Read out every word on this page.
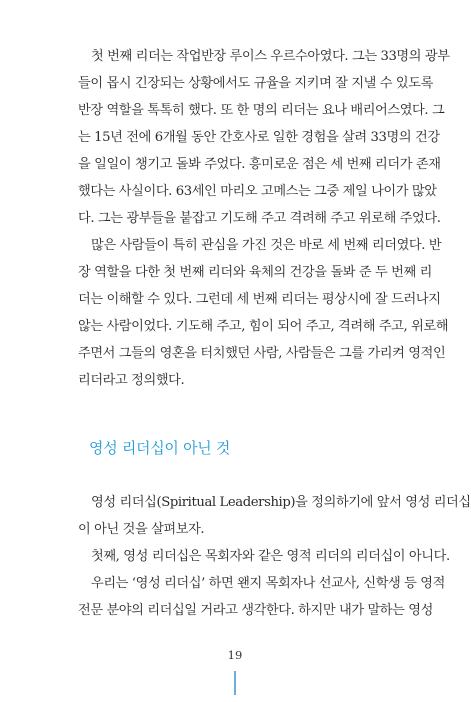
첫 번째 리더는 작업반장 루이스 우르수아였다. 그는 33명의 광부
들이 몹시 긴장되는 상황에서도 규율을 지키며 잘 지낼 수 있도록
반장 역할을 톡톡히 했다. 또 한 명의 리더는 요나 배리어스였다. 그
는 15년 전에 6개월 동안 간호사로 일한 경험을 살려 33명의 건강
을 일일이 챙기고 돌봐 주었다. 흥미로운 점은 세 번째 리더가 존재
했다는 사실이다. 63세인 마리오 고메스는 그중 제일 나이가 많았
다. 그는 광부들을 붙잡고 기도해 주고 격려해 주고 위로해 주었다.
많은 사람들이 특히 관심을 가진 것은 바로 세 번째 리더였다. 반
장 역할을 다한 첫 번째 리더와 육체의 건강을 돌봐 준 두 번째 리
더는 이해할 수 있다. 그런데 세 번째 리더는 평상시에 잘 드러나지
않는 사람이었다. 기도해 주고, 힘이 되어 주고, 격려해 주고, 위로해
주면서 그들의 영혼을 터치했던 사람, 사람들은 그를 가리켜 영적인
리더라고 정의했다.
영성 리더십이 아닌 것
영성 리더십(Spiritual Leadership)을 정의하기에 앞서 영성 리더십
이 아닌 것을 살펴보자.
첫째, 영성 리더십은 목회자와 같은 영적 리더의 리더십이 아니다.
우리는 ‘영성 리더십’ 하면 왠지 목회자나 선교사, 신학생 등 영적
전문 분야의 리더십일 거라고 생각한다. 하지만 내가 말하는 영성
19
